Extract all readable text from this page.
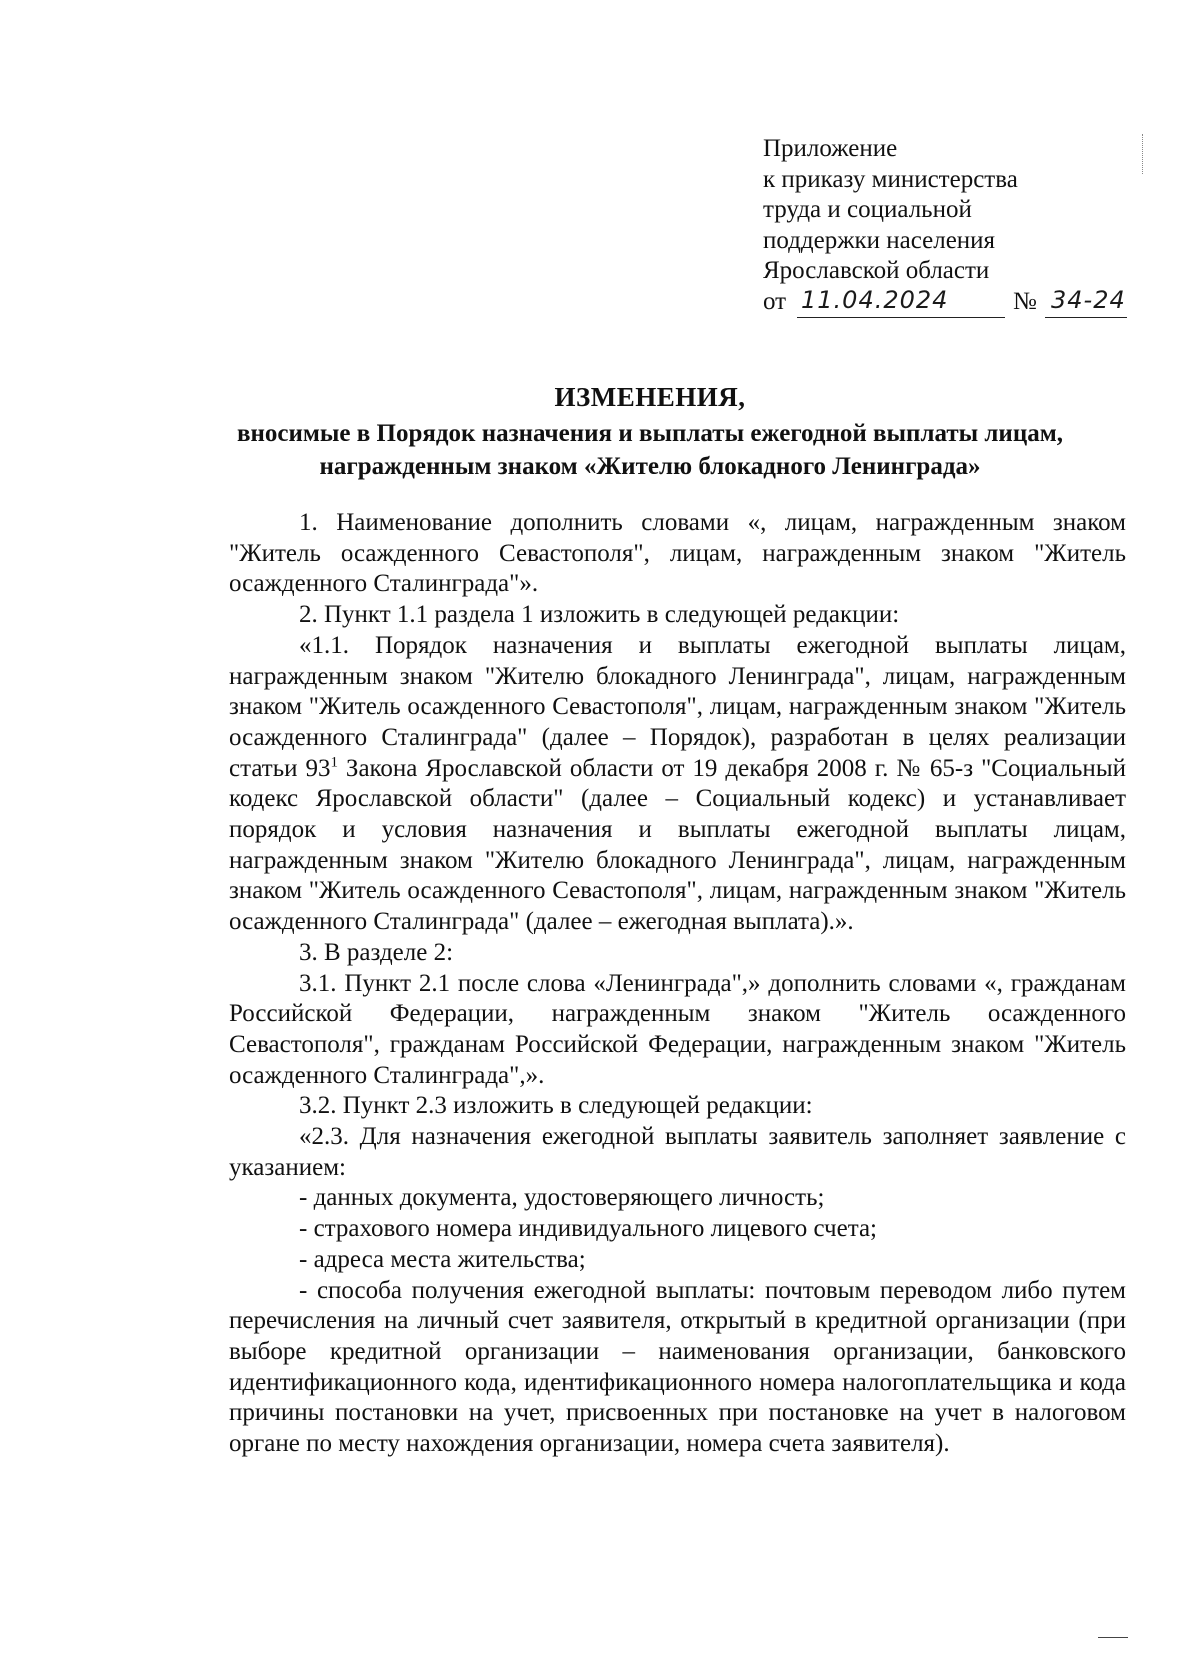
Приложение
к приказу министерства
труда и социальной
поддержки населения
Ярославской области
от 11.04.2024	№ 34-24
ИЗМЕНЕНИЯ,
вносимые в Порядок назначения и выплаты ежегодной выплаты лицам,
награжденным знаком «Жителю блокадного Ленинграда»

1. Наименование дополнить словами «, лицам, награжденным знаком "Житель осажденного Севастополя", лицам, награжденным знаком "Житель осажденного Сталинграда"».

2. Пункт 1.1 раздела 1 изложить в следующей редакции:

«1.1. Порядок назначения и выплаты ежегодной выплаты лицам, награжденным знаком "Жителю блокадного Ленинграда", лицам, награжденным знаком "Житель осажденного Севастополя", лицам, награжденным знаком "Житель осажденного Сталинграда" (далее – Порядок), разработан в целях реализации статьи $93^1$ Закона Ярославской области от 19 декабря 2008 г. № 65-з "Социальный кодекс Ярославской области" (далее – Социальный кодекс) и устанавливает порядок и условия назначения и выплаты ежегодной выплаты лицам, награжденным знаком "Жителю блокадного Ленинграда", лицам, награжденным знаком "Житель осажденного Севастополя", лицам, награжденным знаком "Житель осажденного Сталинграда" (далее – ежегодная выплата).».

3. В разделе 2:

3.1. Пункт 2.1 после слова «Ленинграда",» дополнить словами «, гражданам Российской Федерации, награжденным знаком "Житель осажденного Севастополя", гражданам Российской Федерации, награжденным знаком "Житель осажденного Сталинграда",».

3.2. Пункт 2.3 изложить в следующей редакции:

«2.3. Для назначения ежегодной выплаты заявитель заполняет заявление с указанием:

- данных документа, удостоверяющего личность;

- страхового номера индивидуального лицевого счета;

- адреса места жительства;

- способа получения ежегодной выплаты: почтовым переводом либо путем перечисления на личный счет заявителя, открытый в кредитной организации (при выборе кредитной организации – наименования организации, банковского идентификационного кода, идентификационного номера налогоплательщика и кода причины постановки на учет, присвоенных при постановке на учет в налоговом органе по месту нахождения организации, номера счета заявителя).
